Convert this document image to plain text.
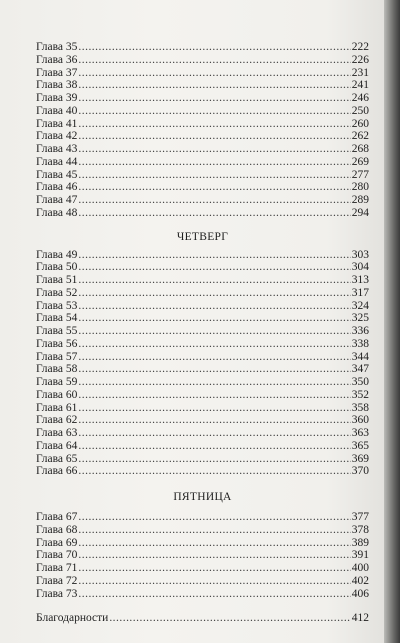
Глава 35 . . .	222
Глава 36 . . .	226
Глава 37 . . .	231
Глава 38 . . .	241
Глава 39 . . .	246
Глава 40 . . .	250
Глава 41 . . .	260
Глава 42 . . .	262
Глава 43 . . .	268
Глава 44 . . .	269
Глава 45 . . .	277
Глава 46 . . .	280
Глава 47 . . .	289
Глава 48 . . .	294
ЧЕТВЕРГ
Глава 49 . . .	303
Глава 50 . . .	304
Глава 51 . . .	313
Глава 52 . . .	317
Глава 53 . . .	324
Глава 54 . . .	325
Глава 55 . . .	336
Глава 56 . . .	338
Глава 57 . . .	344
Глава 58 . . .	347
Глава 59 . . .	350
Глава 60 . . .	352
Глава 61 . . .	358
Глава 62 . . .	360
Глава 63 . . .	363
Глава 64 . . .	365
Глава 65 . . .	369
Глава 66 . . .	370
ПЯТНИЦА
Глава 67 . . .	377
Глава 68 . . .	378
Глава 69 . . .	389
Глава 70 . . .	391
Глава 71 . . .	400
Глава 72 . . .	402
Глава 73 . . .	406
Благодарности . . .	412
